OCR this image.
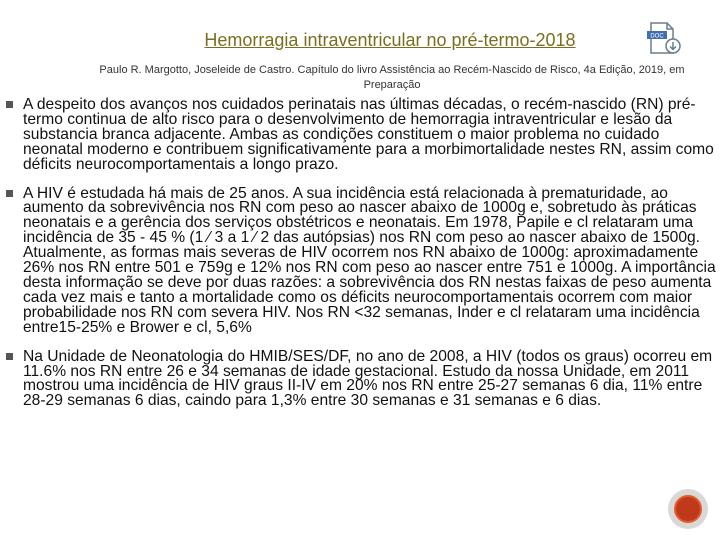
Hemorragia intraventricular no pré-termo-2018	DOC
Paulo R. Margotto, Joseleide de Castro. Capítulo do livro Assistência ao Recém-Nascido de Risco, 4a Edição, 2019, em Preparação
A despeito dos avanços nos cuidados perinatais nas últimas décadas, o recém-nascido (RN) pré-termo continua de alto risco para o desenvolvimento de hemorragia intraventricular e lesão da substancia branca adjacente. Ambas as condições constituem o maior problema no cuidado neonatal moderno e contribuem significativamente para a morbimortalidade nestes RN, assim como déficits neurocomportamentais a longo prazo.
A HIV é estudada há mais de 25 anos. A sua incidência está relacionada à prematuridade, ao aumento da sobrevivência nos RN com peso ao nascer abaixo de 1000g e, sobretudo às práticas neonatais e a gerência dos serviços obstétricos e neonatais. Em 1978, Papile e cl relataram uma incidência de 35 - 45 % (1 ⁄ 3 a 1 ⁄ 2 das autópsias) nos RN com peso ao nascer abaixo de 1500g. Atualmente, as formas mais severas de HIV ocorrem nos RN abaixo de 1000g: aproximadamente 26% nos RN entre 501 e 759g e 12% nos RN com peso ao nascer entre 751 e 1000g. A importância desta informação se deve por duas razões: a sobrevivência dos RN nestas faixas de peso aumenta cada vez mais e tanto a mortalidade como os déficits neurocomportamentais ocorrem com maior probabilidade nos RN com severa HIV. Nos RN <32 semanas, Inder e cl relataram uma incidência entre15-25% e Brower e cl, 5,6%
Na Unidade de Neonatologia do HMIB/SES/DF, no ano de 2008, a HIV (todos os graus) ocorreu em 11.6% nos RN entre 26 e 34 semanas de idade gestacional. Estudo da nossa Unidade, em 2011 mostrou uma incidência de HIV graus II-IV em 20% nos RN entre 25-27 semanas 6 dia, 11% entre 28-29 semanas 6 dias, caindo para 1,3% entre 30 semanas e 31 semanas e 6 dias.
